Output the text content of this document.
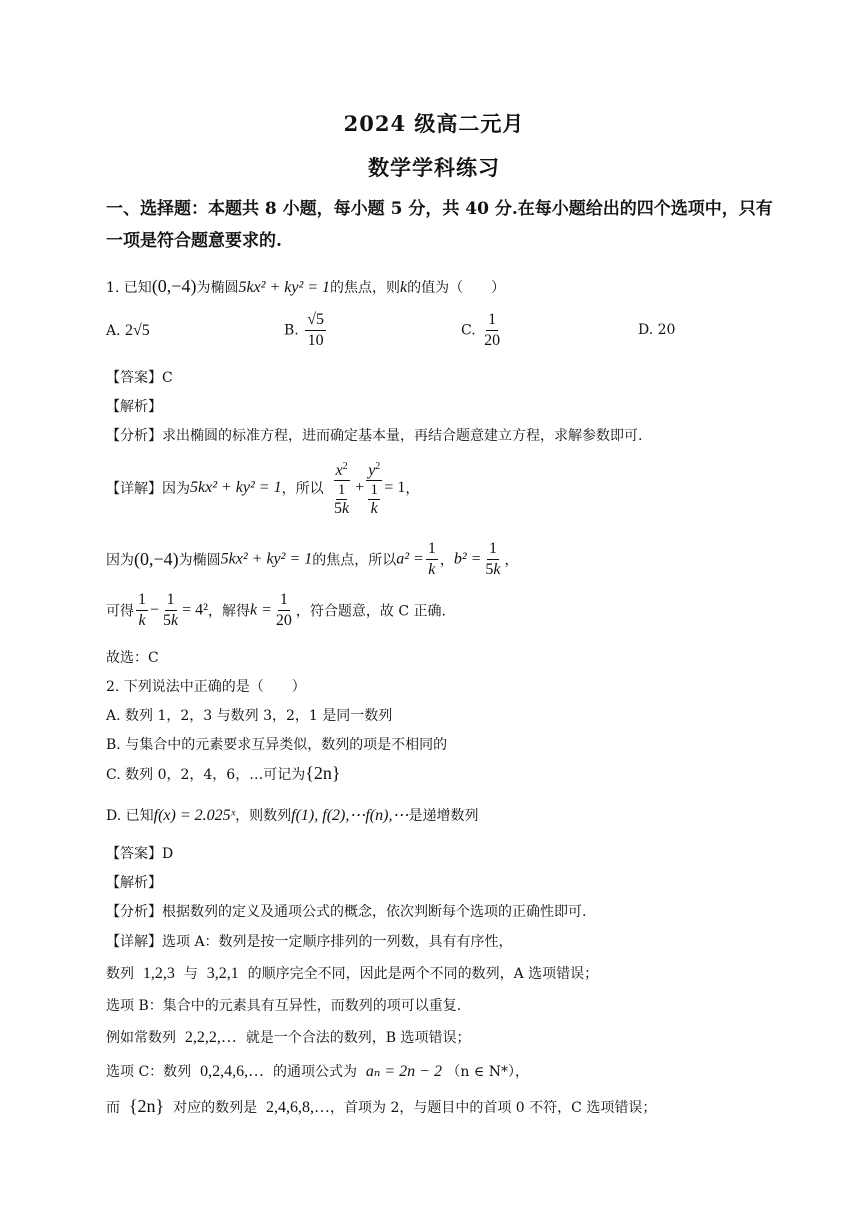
2024 级高二元月
数学学科练习
一、选择题：本题共 8 小题，每小题 5 分，共 40 分.在每小题给出的四个选项中，只有一项是符合题意要求的.
1. 已知(0,−4)为椭圆5kx² + ky² = 1的焦点，则k的值为（　　）
A. 2√5	B. $\frac{√5}{10}$	C. $\frac{1}{20}$	D. 20
【答案】C
【解析】
【分析】求出椭圆的标准方程，进而确定基本量，再结合题意建立方程，求解参数即可.
【详解】因为5kx² + ky² = 1，所以 $\frac{x^2}{\frac{1}{5k}} + \frac{y^2}{\frac{1}{k}} = 1$，
因为(0,−4)为椭圆5kx² + ky² = 1的焦点，所以$a^2 = \frac{1}{k}$ ，$b^2 = \frac{1}{5k}$ ，
可得 $\frac{1}{k} - \frac{1}{5k} = 4^2$，解得$k = \frac{1}{20}$ ，符合题意，故 C 正确.
故选：C
2. 下列说法中正确的是（　　）
A. 数列 1，2，3 与数列 3，2，1 是同一数列
B. 与集合中的元素要求互异类似，数列的项是不相同的
C. 数列 0，2，4，6，…可记为{2n}
D. 已知f(x) = 2.025ˣ，则数列f(1), f(2),⋯f(n),⋯是递增数列
【答案】D
【解析】
【分析】根据数列的定义及通项公式的概念，依次判断每个选项的正确性即可.
【详解】选项 A：数列是按一定顺序排列的一列数，具有有序性，
数列 1,2,3 与 3,2,1 的顺序完全不同，因此是两个不同的数列，A 选项错误；
选项 B：集合中的元素具有互异性，而数列的项可以重复.
例如常数列 2,2,2,… 就是一个合法的数列，B 选项错误；
选项 C：数列 0,2,4,6,… 的通项公式为 aₙ = 2n − 2 （n ∈ N*），
而 {2n} 对应的数列是 2,4,6,8,…，首项为 2，与题目中的首项 0 不符，C 选项错误；
